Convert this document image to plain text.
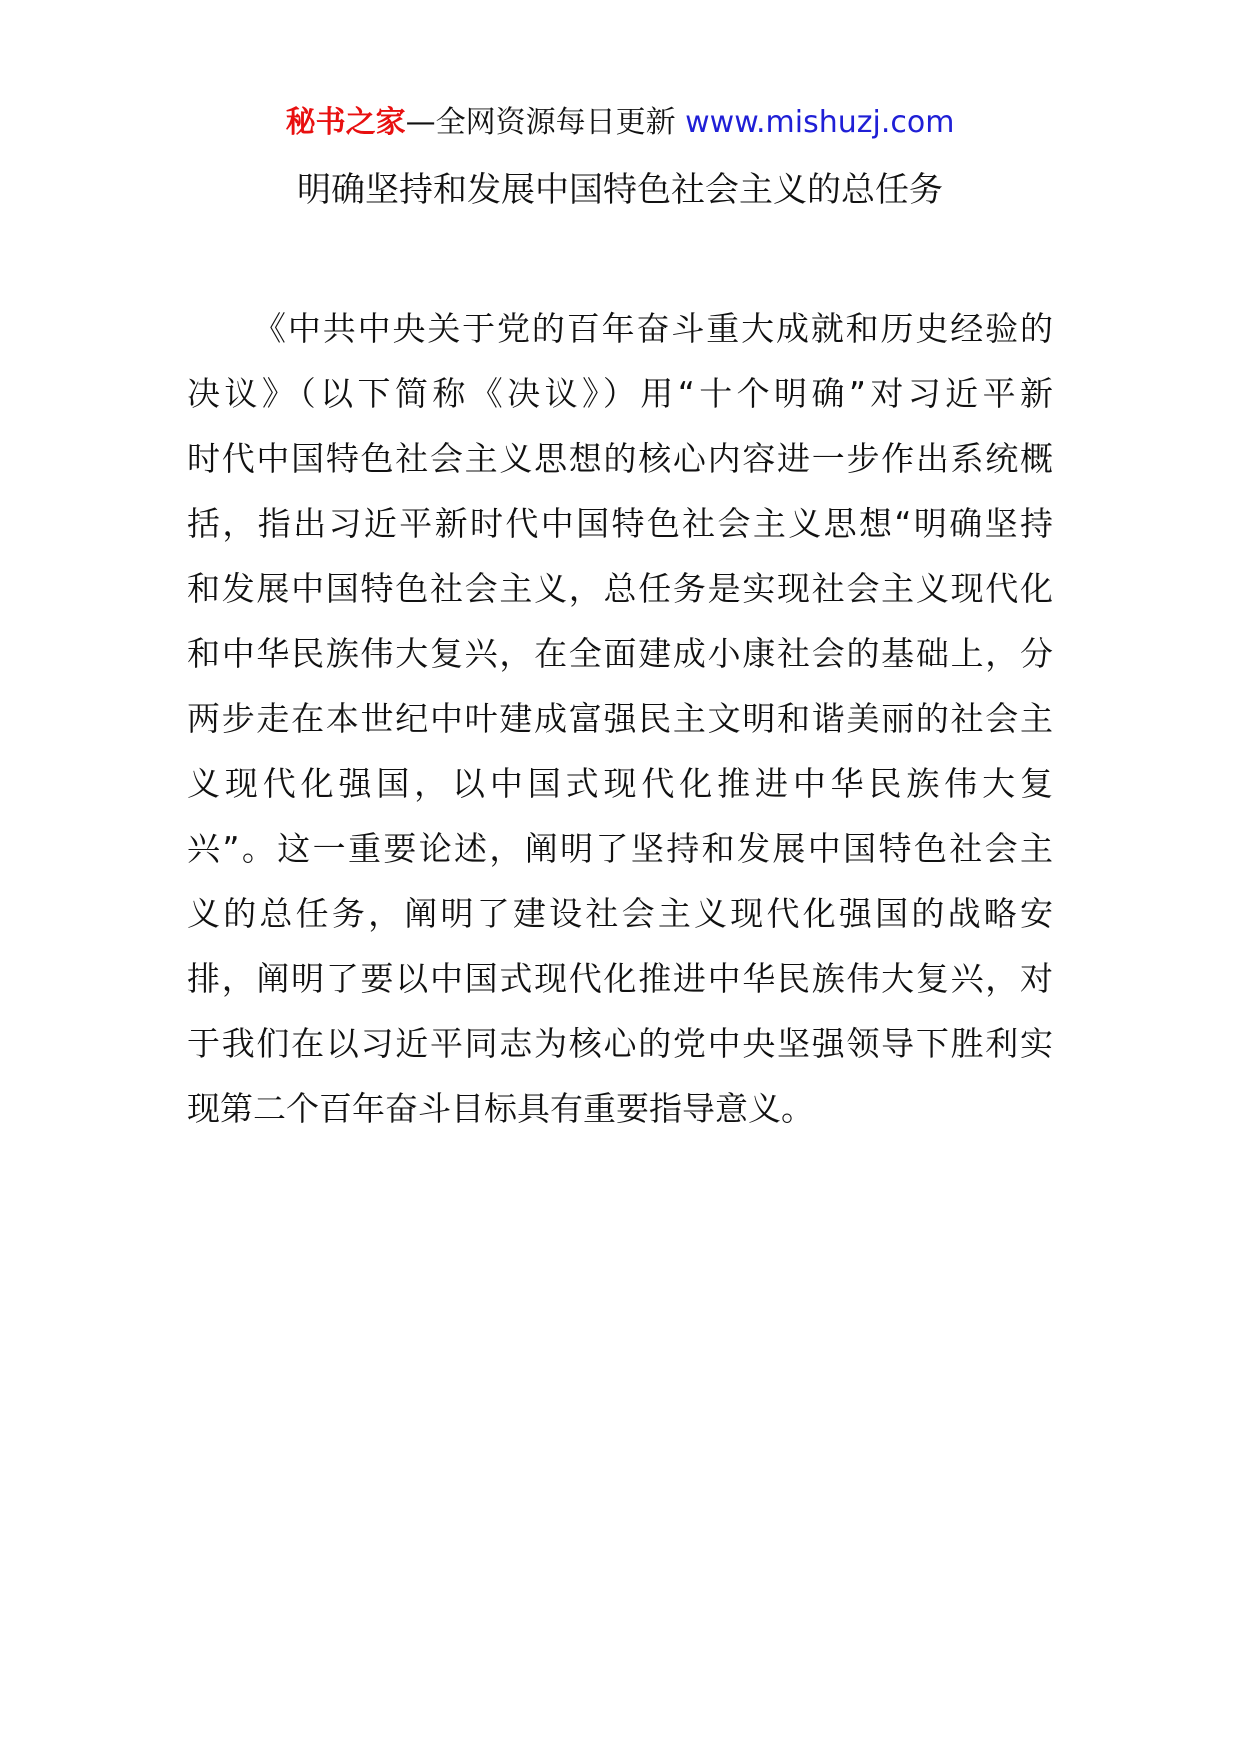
秘书之家—全网资源每日更新 www.mishuzj.com
明确坚持和发展中国特色社会主义的总任务
《中共中央关于党的百年奋斗重大成就和历史经验的
决议》（以下简称《决议》）用“十个明确”对习近平新
时代中国特色社会主义思想的核心内容进一步作出系统概
括，指出习近平新时代中国特色社会主义思想“明确坚持
和发展中国特色社会主义，总任务是实现社会主义现代化
和中华民族伟大复兴，在全面建成小康社会的基础上，分
两步走在本世纪中叶建成富强民主文明和谐美丽的社会主
义现代化强国，以中国式现代化推进中华民族伟大复
兴”。这一重要论述，阐明了坚持和发展中国特色社会主
义的总任务，阐明了建设社会主义现代化强国的战略安
排，阐明了要以中国式现代化推进中华民族伟大复兴，对
于我们在以习近平同志为核心的党中央坚强领导下胜利实
现第二个百年奋斗目标具有重要指导意义。
